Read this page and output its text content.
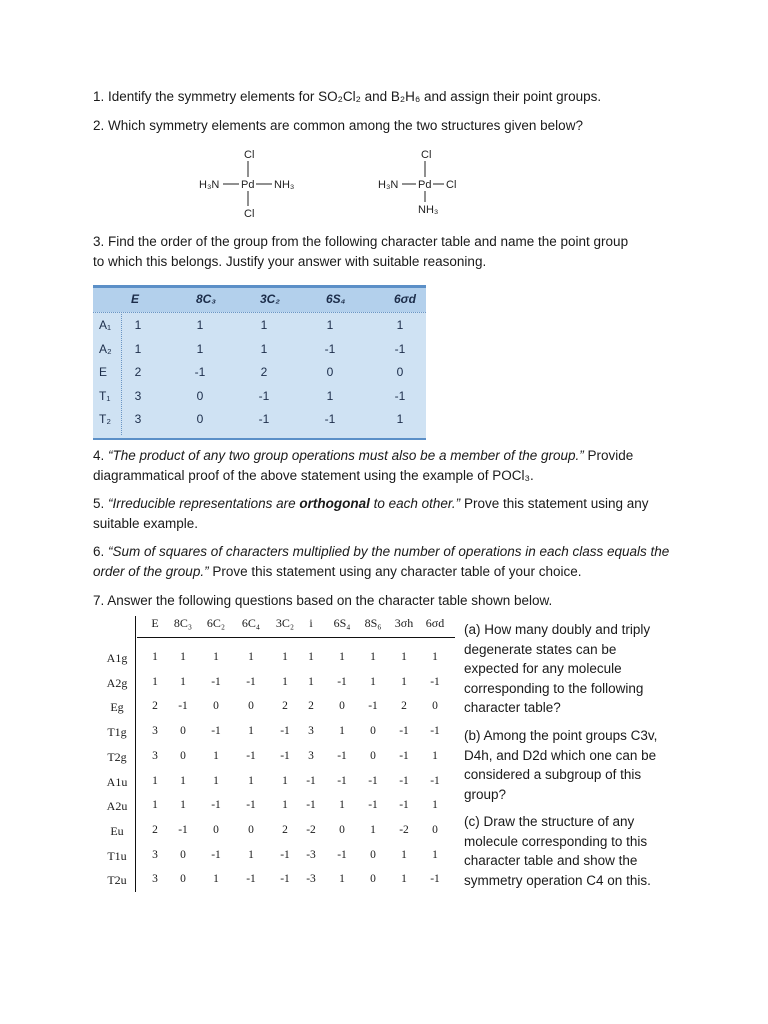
1. Identify the symmetry elements for SO₂Cl₂ and B₂H₆ and assign their point groups.
2. Which symmetry elements are common among the two structures given below?
Cl
H₃N Pd NH₃
Cl
Cl
H₃N Pd Cl
NH₃
3. Find the order of the group from the following character table and name the point group
to which this belongs. Justify your answer with suitable reasoning.
E	8C₃	3C₂	6S₄	6σd
A₁	1	1	1	1	1
A₂	1	1	1	-1	-1
E	2	-1	2	0	0
T₁	3	0	-1	1	-1
T₂	3	0	-1	-1	1
4. “The product of any two group operations must also be a member of the group.” Provide diagrammatical proof of the above statement using the example of POCl₃.
5. “Irreducible representations are orthogonal to each other.” Prove this statement using any suitable example.
6. “Sum of squares of characters multiplied by the number of operations in each class equals the order of the group.” Prove this statement using any character table of your choice.
7. Answer the following questions based on the character table shown below.
E	8C₃	6C₂	6C₄	3C₂	i	6S₄	8S₆	3σh	6σd
A1g	1	1	1	1	1	1	1	1	1	1
A2g	1	1	-1	-1	1	1	-1	1	1	-1
Eg	2	-1	0	0	2	2	0	-1	2	0
T1g	3	0	-1	1	-1	3	1	0	-1	-1
T2g	3	0	1	-1	-1	3	-1	0	-1	1
A1u	1	1	1	1	1	-1	-1	-1	-1	-1
A2u	1	1	-1	-1	1	-1	1	-1	-1	1
Eu	2	-1	0	0	2	-2	0	1	-2	0
T1u	3	0	-1	1	-1	-3	-1	0	1	1
T2u	3	0	1	-1	-1	-3	1	0	1	-1
(a) How many doubly and triply degenerate states can be expected for any molecule corresponding to the following character table?
(b) Among the point groups C3v, D4h, and D2d which one can be considered a subgroup of this group?
(c) Draw the structure of any molecule corresponding to this character table and show the symmetry operation C4 on this.
